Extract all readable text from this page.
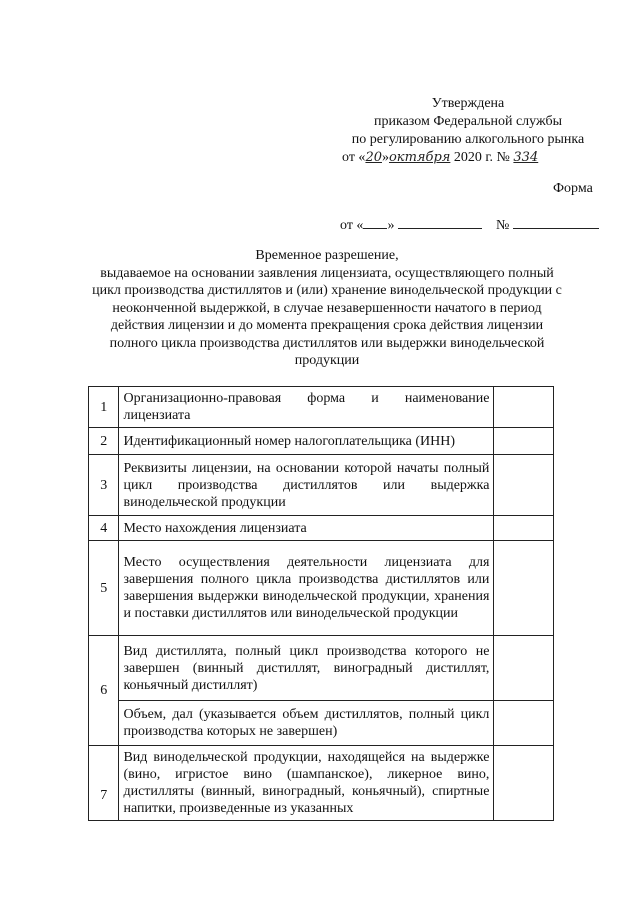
Утверждена
приказом Федеральной службы
по регулированию алкогольного рынка
от «20»октября 2020 г. № 334
Форма
от « »	№
Временное разрешение,
выдаваемое на основании заявления лицензиата, осуществляющего полный цикл производства дистиллятов и (или) хранение винодельческой продукции с неоконченной выдержкой, в случае незавершенности начатого в период действия лицензии и до момента прекращения срока действия лицензии полного цикла производства дистиллятов или выдержки винодельческой продукции
1	Организационно-правовая форма и наименование лицензиата	
2	Идентификационный номер налогоплательщика (ИНН)	
3	Реквизиты лицензии, на основании которой начаты полный цикл производства дистиллятов или выдержка винодельческой продукции	
4	Место нахождения лицензиата	
5	Место осуществления деятельности лицензиата для завершения полного цикла производства дистиллятов или завершения выдержки винодельческой продукции, хранения и поставки дистиллятов или винодельческой продукции	
6	Вид дистиллята, полный цикл производства которого не завершен (винный дистиллят, виноградный дистиллят, коньячный дистиллят)	
	Объем, дал (указывается объем дистиллятов, полный цикл производства которых не завершен)	
7	Вид винодельческой продукции, находящейся на выдержке (вино, игристое вино (шампанское), ликерное вино, дистилляты (винный, виноградный, коньячный), спиртные напитки, произведенные из указанных	
